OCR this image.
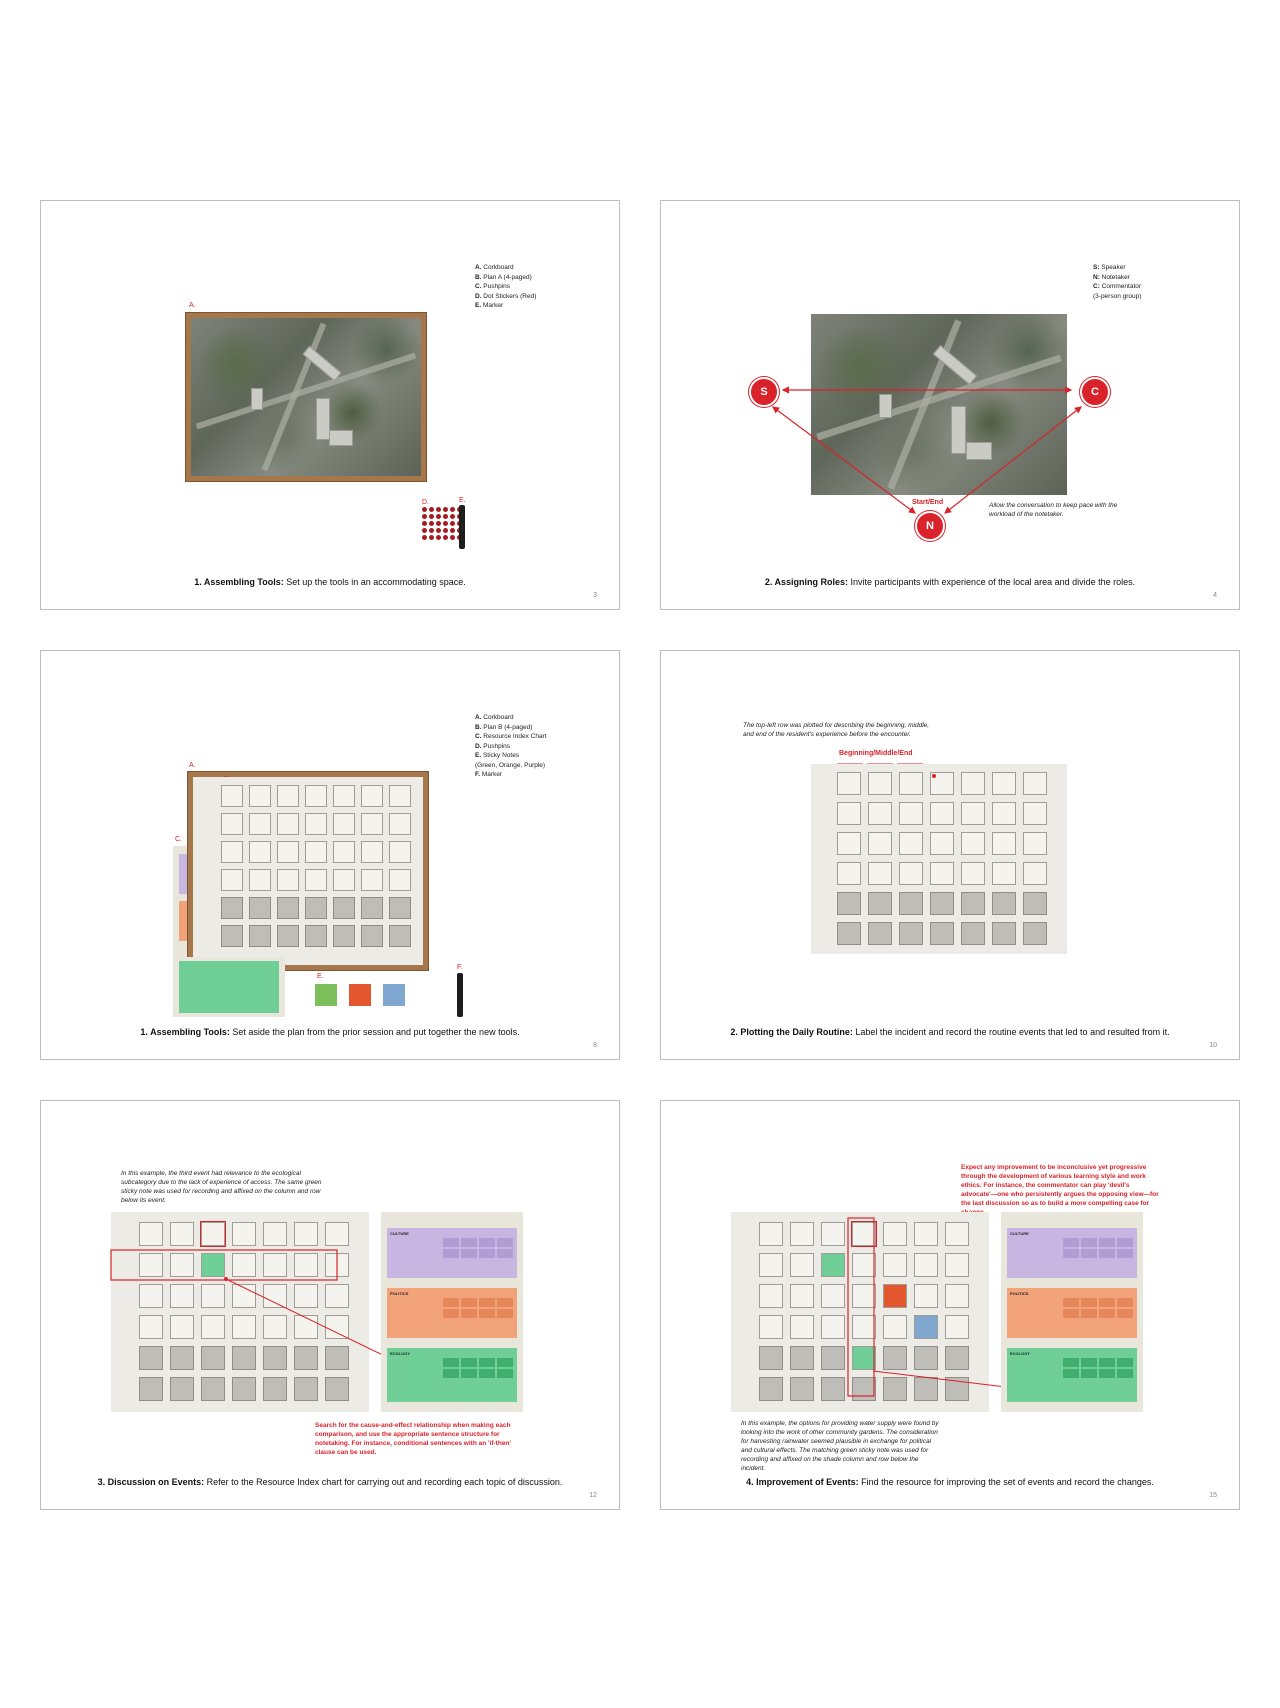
A. Corkboard
B. Plan A (4-paged)
C. Pushpins
D. Dot Stickers (Red)
E. Marker
A.
D.	E.
1. Assembling Tools: Set up the tools in an accommodating space.
3
S: Speaker
N: Notetaker
C: Commentator
(3-person group)
S	C
N
Start/End	Allow the conversation to keep pace with the workload of the notetaker.
2. Assigning Roles: Invite participants with experience of the local area and divide the roles.
4
A. Corkboard
B. Plan B (4-paged)
C. Resource Index Chart
D. Pushpins
E. Sticky Notes
(Green, Orange, Purple)
F. Marker
C.
A.
E.
F.
1. Assembling Tools: Set aside the plan from the prior session and put together the new tools.
8
The top-left row was plotted for describing the beginning, middle, and end of the resident's experience before the encounter.
Beginning/Middle/End
2. Plotting the Daily Routine: Label the incident and record the routine events that led to and resulted from it.
10
In this example, the third event had relevance to the ecological subcategory due to the lack of experience of access. The same green sticky note was used for recording and affixed on the column and row below its event.
CULTURE
POLITICS
ECOLOGY
Search for the cause-and-effect relationship when making each comparison, and use the appropriate sentence structure for notetaking. For instance, conditional sentences with an 'if-then' clause can be used.
3. Discussion on Events: Refer to the Resource Index chart for carrying out and recording each topic of discussion.
12
Expect any improvement to be inconclusive yet progressive through the development of various learning style and work ethics. For instance, the commentator can play 'devil's advocate'—one who persistently argues the opposing view—for the last discussion so as to build a more compelling case for
CULTURE
POLITICS
ECOLOGY
In this example, the options for providing water supply were found by looking into the work of other community gardens. The consideration for harvesting rainwater seemed plausible in exchange for political and cultural effects. The matching green sticky note was used for recording and affixed on the shade column and row below the incident.
4. Improvement of Events: Find the resource for improving the set of events and record the changes.
15
